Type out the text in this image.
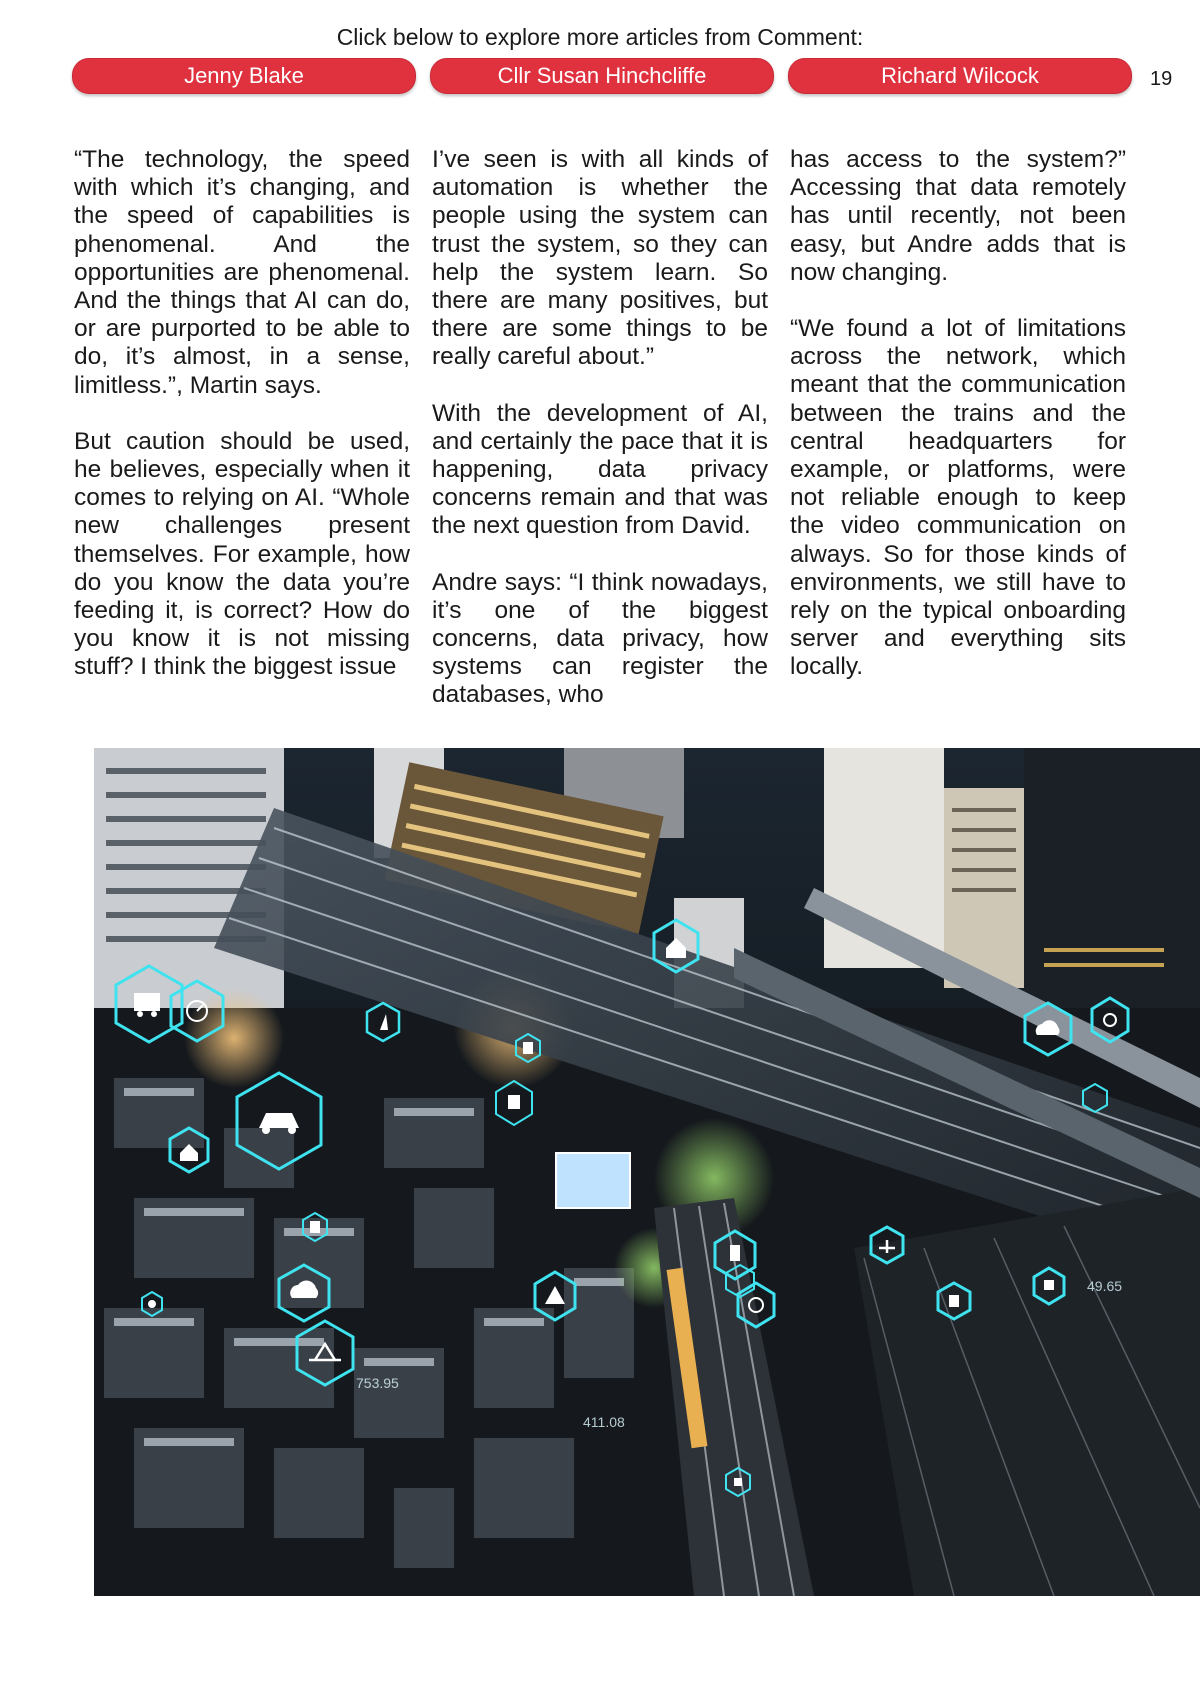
Click below to explore more articles from Comment:
Jenny Blake	Cllr Susan Hinchcliffe	Richard Wilcock	19

“The technology, the speed with which it’s changing, and the speed of capabilities is phenomenal. And the opportunities are phenomenal. And the things that AI can do, or are purported to be able to do, it’s almost, in a sense, limitless.”, Martin says.

But caution should be used, he believes, especially when it comes to relying on AI. “Whole new challenges present themselves. For example, how do you know the data you’re feeding it, is correct? How do you know it is not missing stuff? I think the biggest issue

I’ve seen is with all kinds of automation is whether the people using the system can trust the system, so they can help the system learn. So there are many positives, but there are some things to be really careful about.”

With the development of AI, and certainly the pace that it is happening, data privacy concerns remain and that was the next question from David.

Andre says: “I think nowadays, it’s one of the biggest concerns, data privacy, how systems can register the databases, who

has access to the system?” Accessing that data remotely has until recently, not been easy, but Andre adds that is now changing.

“We found a lot of limitations across the network, which meant that the communication between the trains and the central headquarters for example, or platforms, were not reliable enough to keep the video communication on always. So for those kinds of environments, we still have to rely on the typical onboarding server and everything sits locally.

753.95
411.08
49.65
